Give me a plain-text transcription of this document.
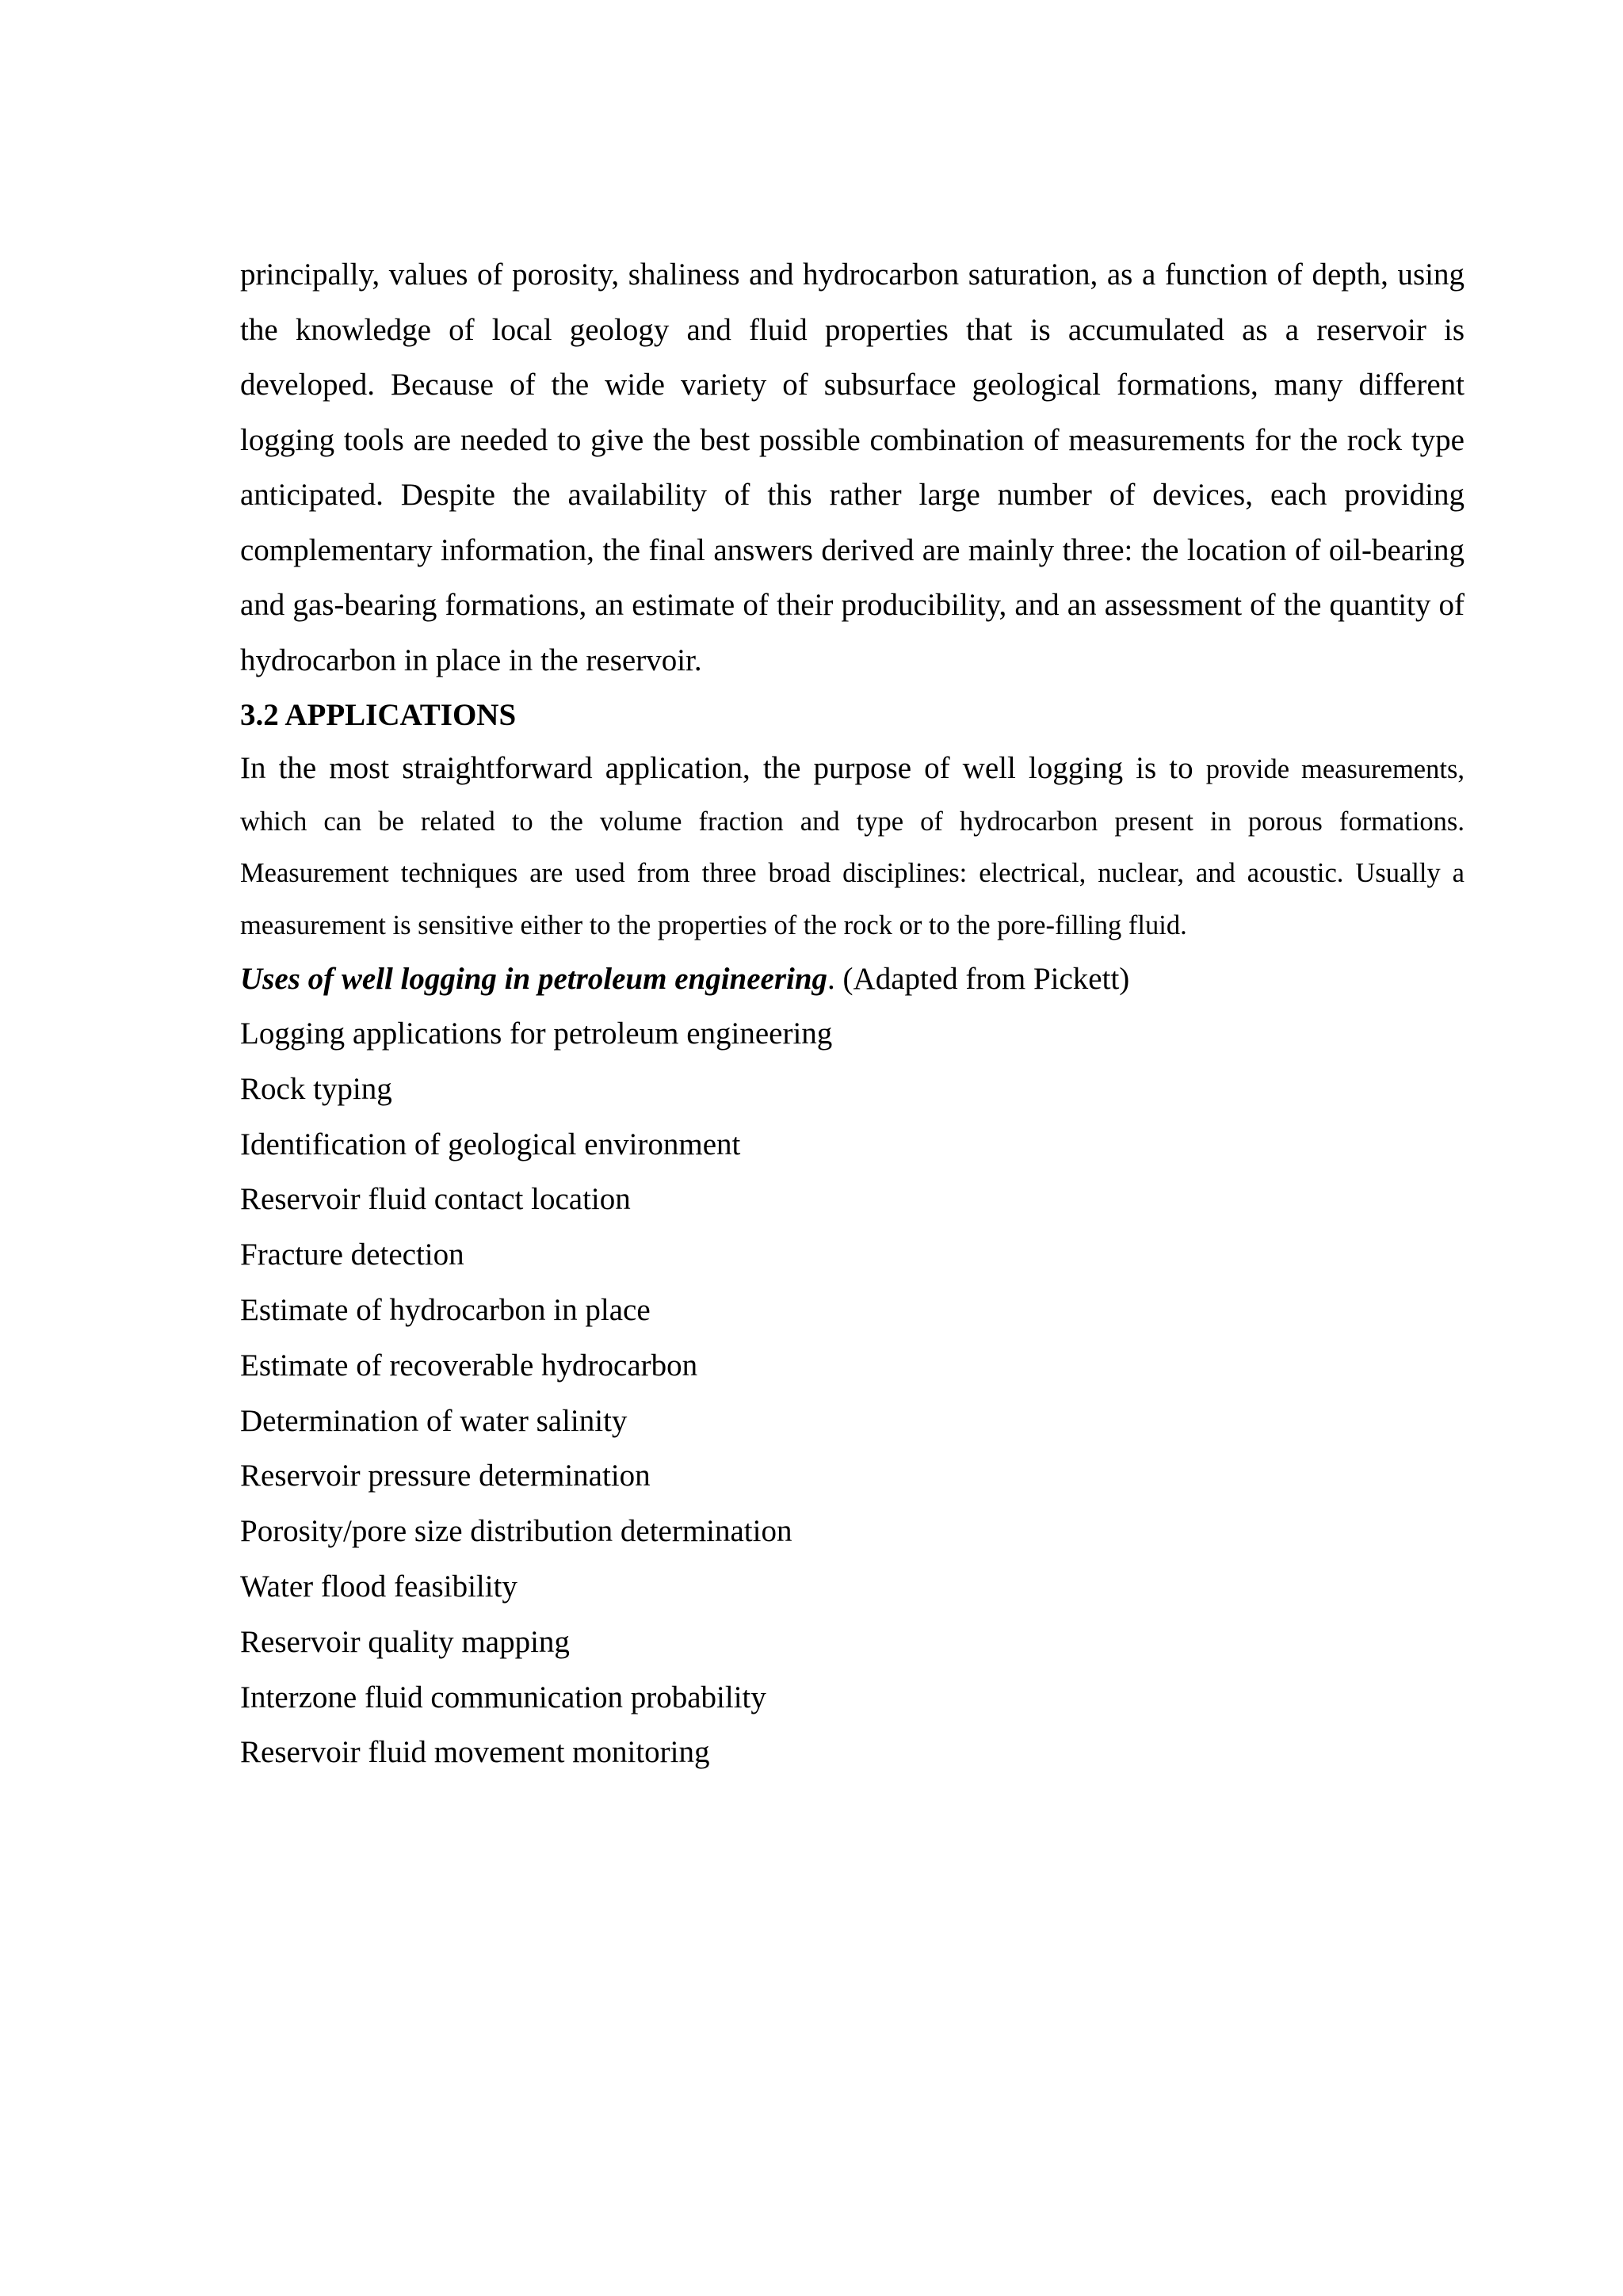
principally, values of porosity, shaliness and hydrocarbon saturation, as a function of depth, using the knowledge of local geology and fluid properties that is accumulated as a reservoir is developed. Because of the wide variety of subsurface geological formations, many different logging tools are needed to give the best possible combination of measurements for the rock type anticipated. Despite the availability of this rather large number of devices, each providing complementary information, the final answers derived are mainly three: the location of oil-bearing and gas-bearing formations, an estimate of their producibility, and an assessment of the quantity of hydrocarbon in place in the reservoir.

3.2 APPLICATIONS

In the most straightforward application, the purpose of well logging is to provide measurements, which can be related to the volume fraction and type of hydrocarbon present in porous formations. Measurement techniques are used from three broad disciplines: electrical, nuclear, and acoustic. Usually a measurement is sensitive either to the properties of the rock or to the pore-filling fluid.

Uses of well logging in petroleum engineering. (Adapted from Pickett)

Logging applications for petroleum engineering
Rock typing
Identification of geological environment
Reservoir fluid contact location
Fracture detection
Estimate of hydrocarbon in place
Estimate of recoverable hydrocarbon
Determination of water salinity
Reservoir pressure determination
Porosity/pore size distribution determination
Water flood feasibility
Reservoir quality mapping
Interzone fluid communication probability
Reservoir fluid movement monitoring
